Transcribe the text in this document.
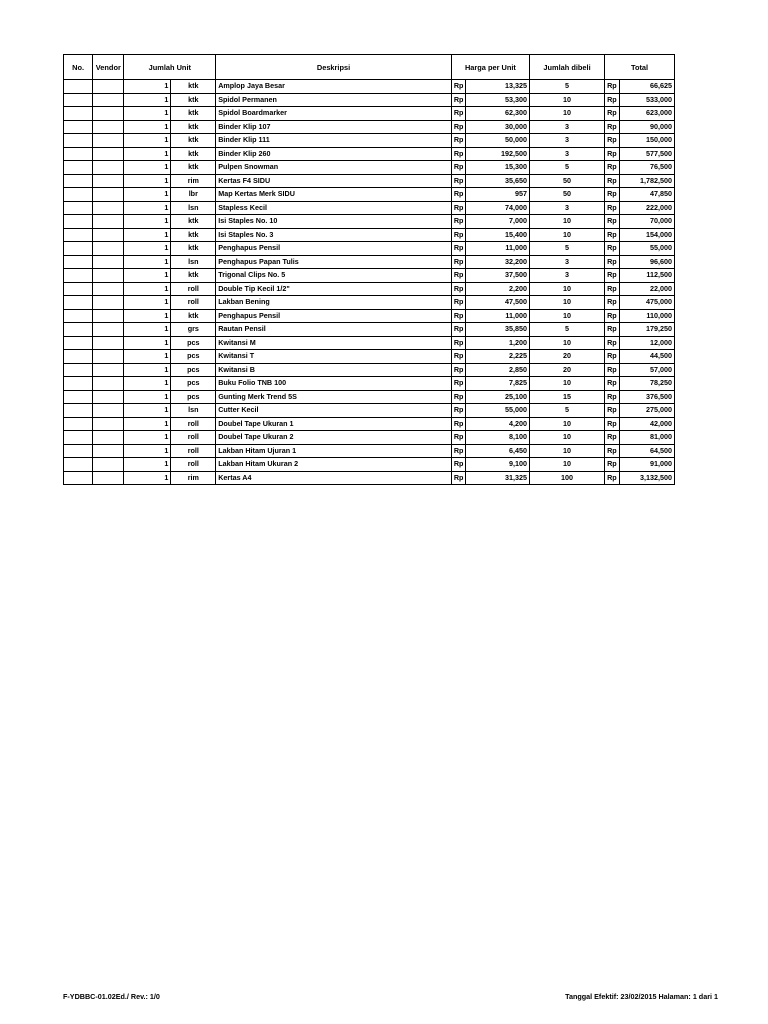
No.	Vendor	Jumlah Unit		Deskripsi	Harga per Unit		Jumlah dibeli	Total	
		1	ktk	Amplop Jaya Besar	Rp	13,325	5	Rp	66,625
		1	ktk	Spidol Permanen	Rp	53,300	10	Rp	533,000
		1	ktk	Spidol Boardmarker	Rp	62,300	10	Rp	623,000
		1	ktk	Binder Klip 107	Rp	30,000	3	Rp	90,000
		1	ktk	Binder Klip 111	Rp	50,000	3	Rp	150,000
		1	ktk	Binder Klip 260	Rp	192,500	3	Rp	577,500
		1	ktk	Pulpen Snowman	Rp	15,300	5	Rp	76,500
		1	rim	Kertas F4 SIDU	Rp	35,650	50	Rp	1,782,500
		1	lbr	Map Kertas Merk SIDU	Rp	957	50	Rp	47,850
		1	lsn	Stapless Kecil	Rp	74,000	3	Rp	222,000
		1	ktk	Isi Staples No. 10	Rp	7,000	10	Rp	70,000
		1	ktk	Isi Staples No. 3	Rp	15,400	10	Rp	154,000
		1	ktk	Penghapus Pensil	Rp	11,000	5	Rp	55,000
		1	lsn	Penghapus Papan Tulis	Rp	32,200	3	Rp	96,600
		1	ktk	Trigonal Clips No. 5	Rp	37,500	3	Rp	112,500
		1	roll	Double Tip Kecil 1/2"	Rp	2,200	10	Rp	22,000
		1	roll	Lakban Bening	Rp	47,500	10	Rp	475,000
		1	ktk	Penghapus Pensil	Rp	11,000	10	Rp	110,000
		1	grs	Rautan Pensil	Rp	35,850	5	Rp	179,250
		1	pcs	Kwitansi M	Rp	1,200	10	Rp	12,000
		1	pcs	Kwitansi T	Rp	2,225	20	Rp	44,500
		1	pcs	Kwitansi B	Rp	2,850	20	Rp	57,000
		1	pcs	Buku Folio TNB 100	Rp	7,825	10	Rp	78,250
		1	pcs	Gunting Merk Trend 5S	Rp	25,100	15	Rp	376,500
		1	lsn	Cutter Kecil	Rp	55,000	5	Rp	275,000
		1	roll	Doubel Tape Ukuran 1	Rp	4,200	10	Rp	42,000
		1	roll	Doubel Tape Ukuran 2	Rp	8,100	10	Rp	81,000
		1	roll	Lakban Hitam Ujuran 1	Rp	6,450	10	Rp	64,500
		1	roll	Lakban Hitam Ukuran 2	Rp	9,100	10	Rp	91,000
		1	rim	Kertas A4	Rp	31,325	100	Rp	3,132,500
F-YDBBC-01.02Ed./ Rev.: 1/0	Tanggal Efektif: 23/02/2015 Halaman: 1 dari 1
